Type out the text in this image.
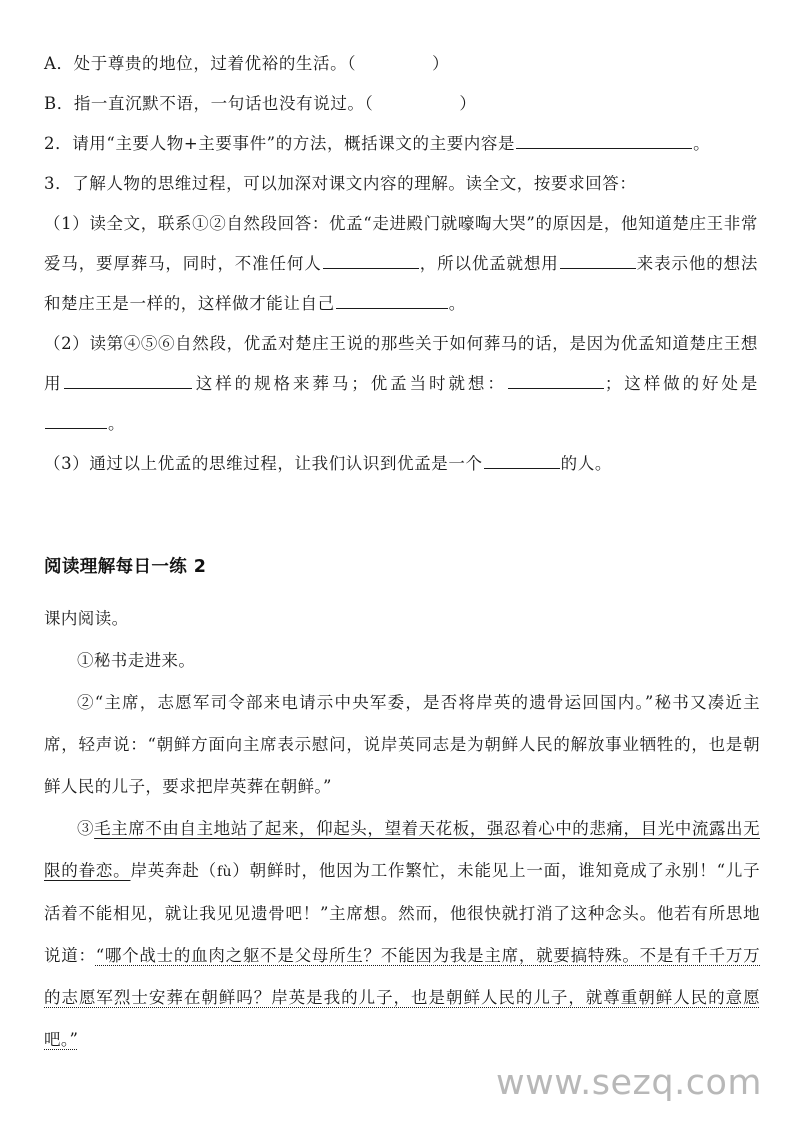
A．处于尊贵的地位，过着优裕的生活。（	）
B．指一直沉默不语，一句话也没有说过。（	）
2．请用“主要人物+主要事件”的方法，概括课文的主要内容是	。
3．了解人物的思维过程，可以加深对课文内容的理解。读全文，按要求回答：
（1）读全文，联系①②自然段回答：优孟“走进殿门就嚎啕大哭”的原因是，他知道楚庄王非常爱马，要厚葬马，同时，不准任何人	，所以优孟就想用	来表示他的想法和楚庄王是一样的，这样做才能让自己	。
（2）读第④⑤⑥自然段，优孟对楚庄王说的那些关于如何葬马的话，是因为优孟知道楚庄王想用	这样的规格来葬马；优孟当时就想：	；这样做的好处是。
（3）通过以上优孟的思维过程，让我们认识到优孟是一个	的人。
阅读理解每日一练 2

课内阅读。

①秘书走进来。

②“主席，志愿军司令部来电请示中央军委，是否将岸英的遗骨运回国内。”秘书又凑近主席，轻声说：“朝鲜方面向主席表示慰问，说岸英同志是为朝鲜人民的解放事业牺牲的，也是朝鲜人民的儿子，要求把岸英葬在朝鲜。”

③毛主席不由自主地站了起来，仰起头，望着天花板，强忍着心中的悲痛，目光中流露出无限的眷恋。岸英奔赴（fù）朝鲜时，他因为工作繁忙，未能见上一面，谁知竟成了永别！“儿子活着不能相见，就让我见见遗骨吧！”主席想。然而，他很快就打消了这种念头。他若有所思地说道：“哪个战士的血肉之躯不是父母所生？不能因为我是主席，就要搞特殊。不是有千千万万的志愿军烈士安葬在朝鲜吗？岸英是我的儿子，也是朝鲜人民的儿子，就尊重朝鲜人民的意愿吧。”

www.sezq.com
